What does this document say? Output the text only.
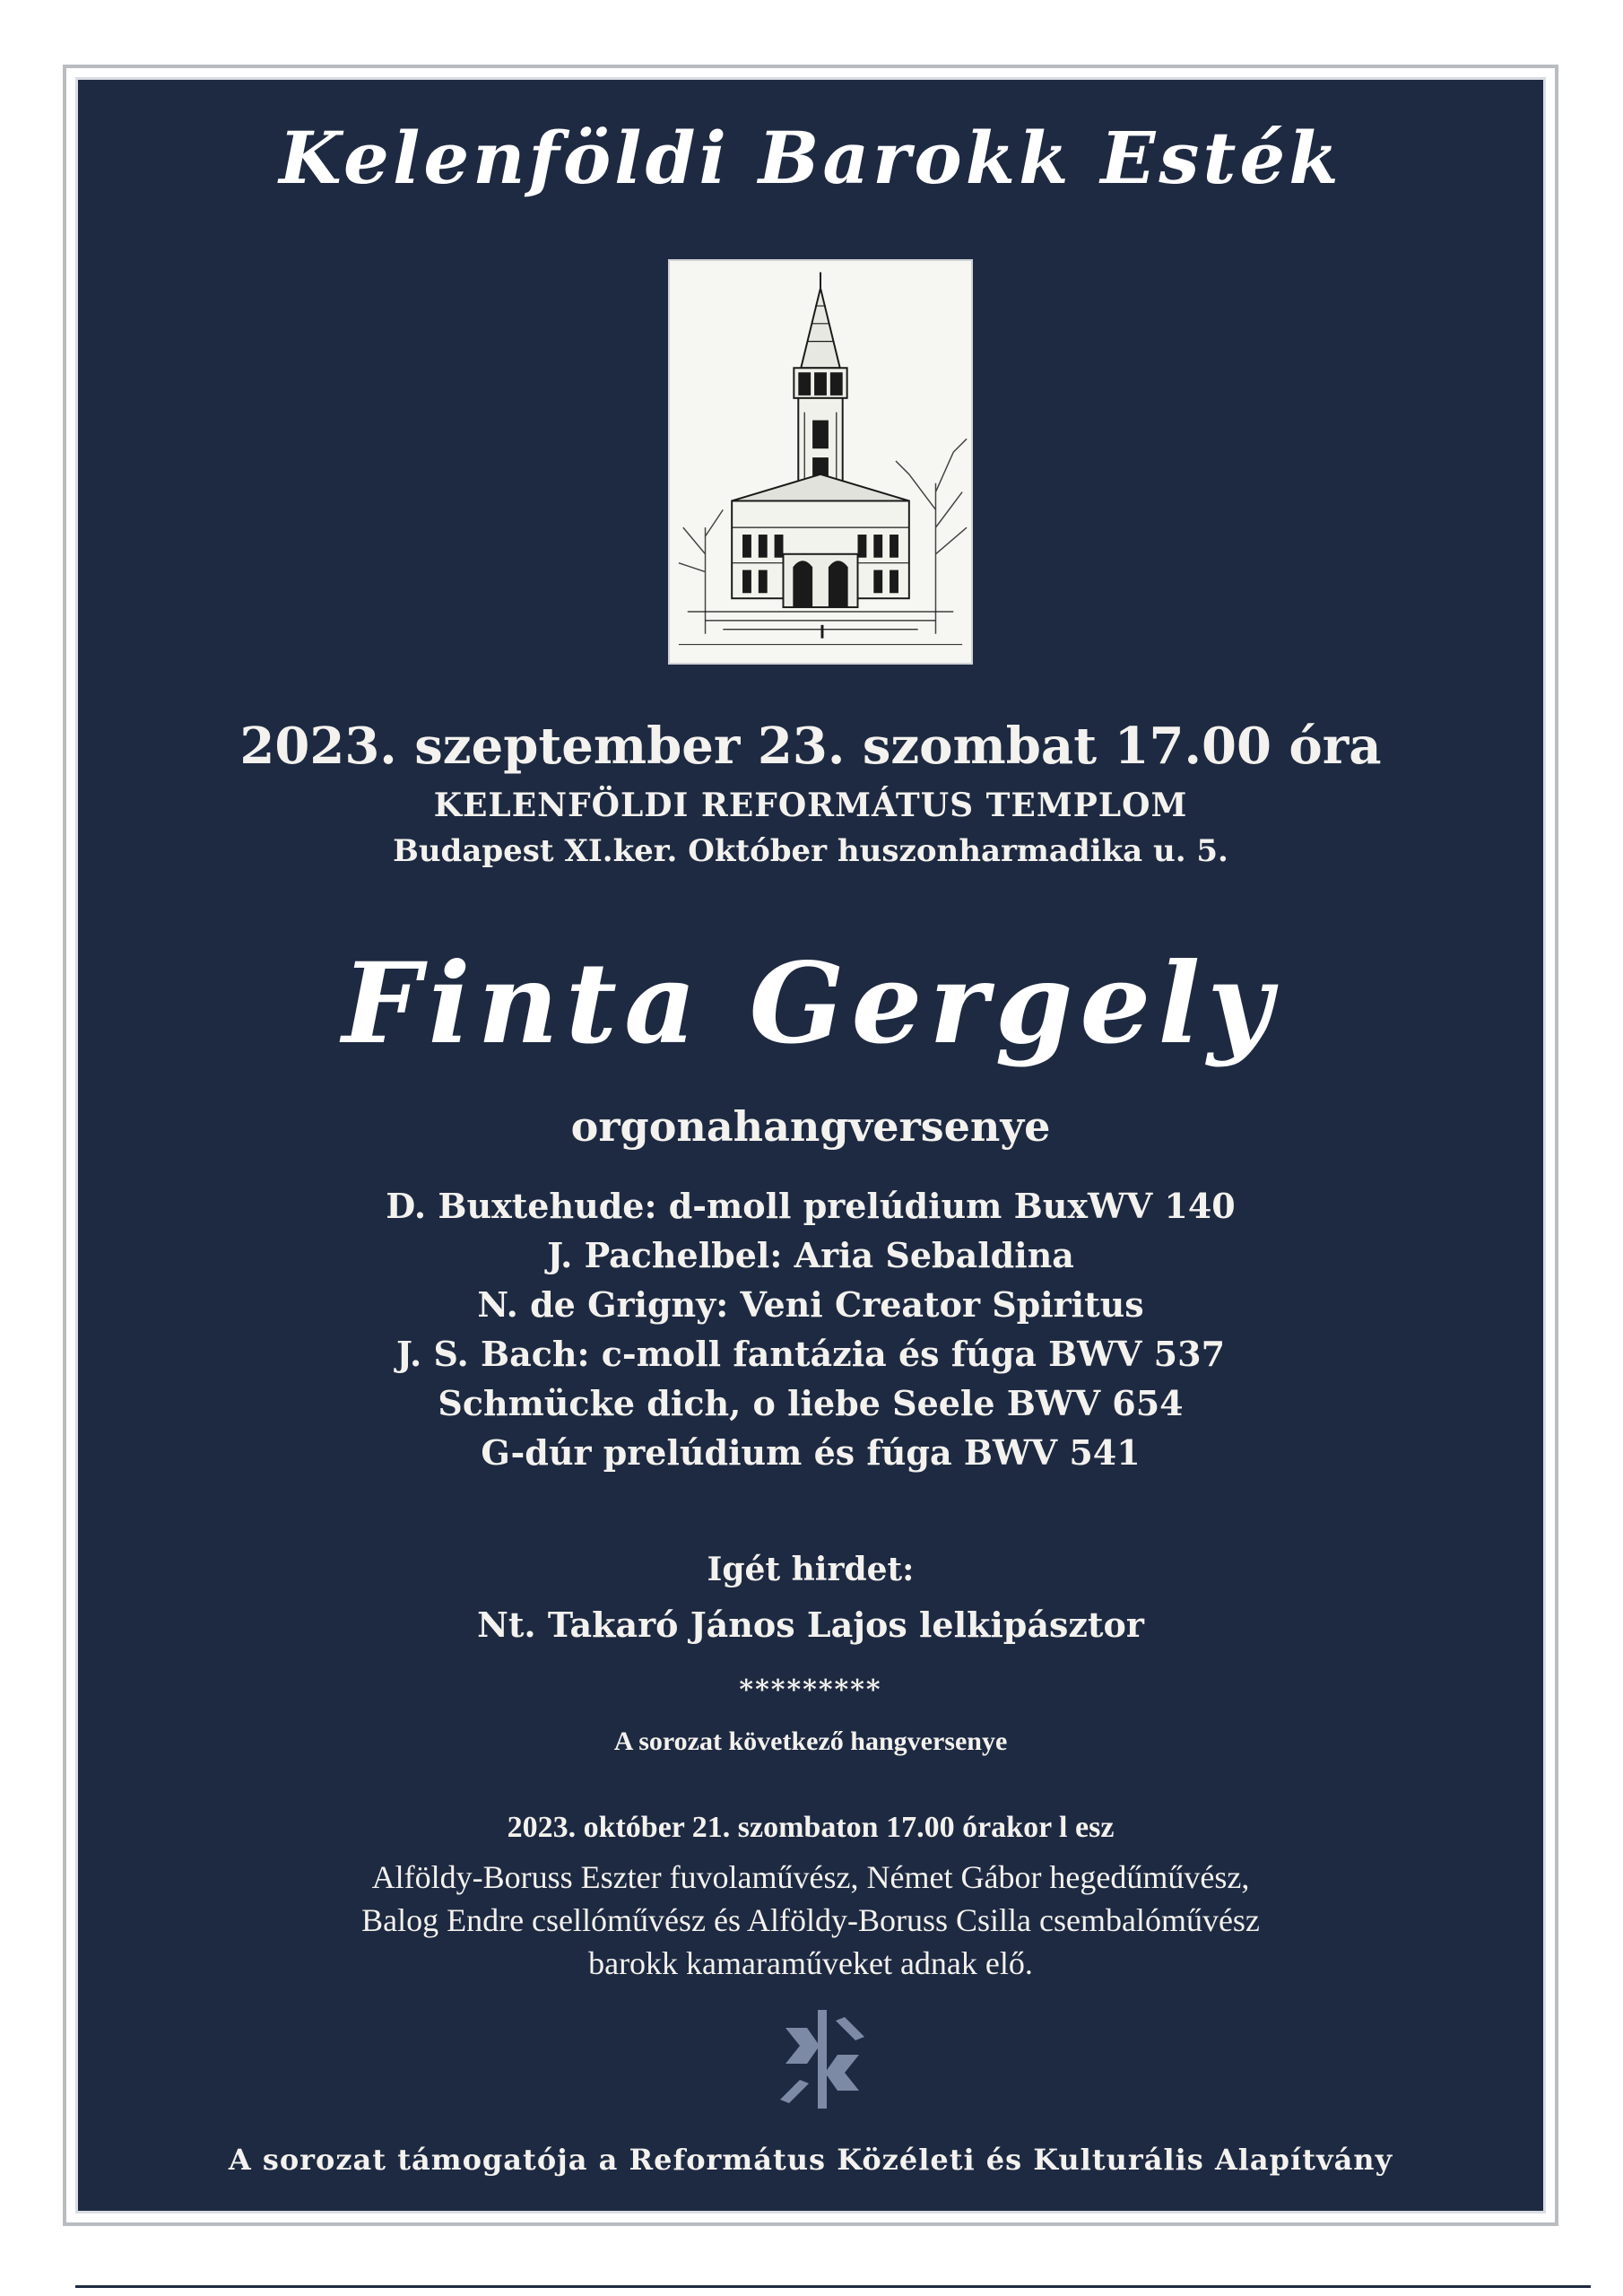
Kelenföldi Barokk Esték
2023. szeptember 23. szombat 17.00 óra
KELENFÖLDI REFORMÁTUS TEMPLOM
Budapest XI.ker. Október huszonharmadika u. 5.
Finta Gergely
orgonahangversenye
D. Buxtehude: d-moll prelúdium BuxWV 140
J. Pachelbel: Aria Sebaldina
N. de Grigny: Veni Creator Spiritus
J. S. Bach: c-moll fantázia és fúga BWV 537
Schmücke dich, o liebe Seele BWV 654
G-dúr prelúdium és fúga BWV 541
Igét hirdet:
Nt. Takaró János Lajos lelkipásztor
*********
A sorozat következő hangversenye
2023. október 21. szombaton 17.00 órakor l esz
Alföldy-Boruss Eszter fuvolaművész, Német Gábor hegedűművész,
Balog Endre csellóművész és Alföldy-Boruss Csilla csembalóművész
barokk kamaraműveket adnak elő.
A sorozat támogatója a Református Közéleti és Kulturális Alapítvány
